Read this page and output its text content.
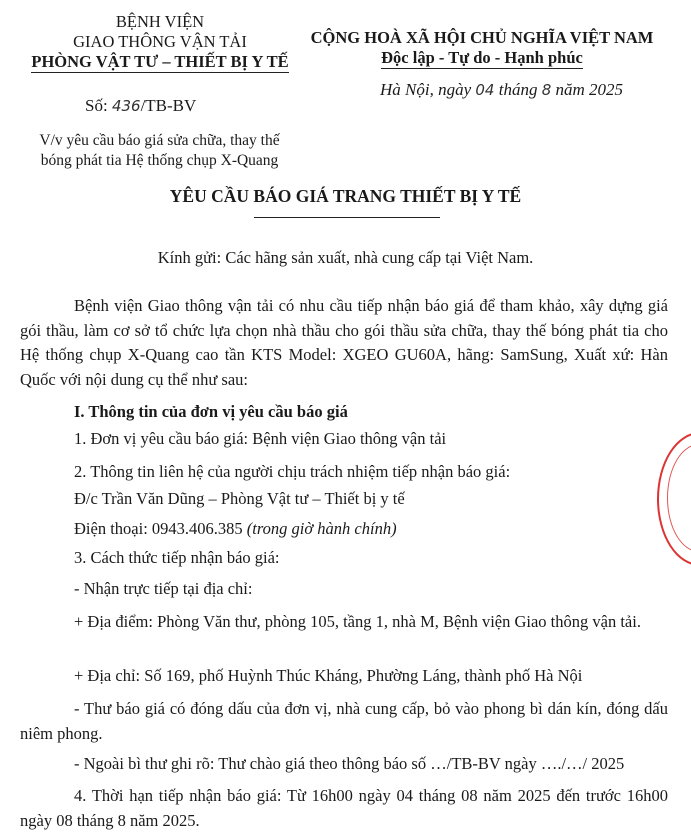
BỆNH VIỆN
GIAO THÔNG VẬN TẢI
PHÒNG VẬT TƯ – THIẾT BỊ Y TẾ
CỘNG HOÀ XÃ HỘI CHỦ NGHĨA VIỆT NAM
Độc lập - Tự do - Hạnh phúc
Hà Nội, ngày 04 tháng 8 năm 2025
Số: 436/TB-BV
V/v yêu cầu báo giá sửa chữa, thay thế
bóng phát tia Hệ thống chụp X-Quang
YÊU CẦU BÁO GIÁ TRANG THIẾT BỊ Y TẾ
Kính gửi: Các hãng sản xuất, nhà cung cấp tại Việt Nam.
Bệnh viện Giao thông vận tải có nhu cầu tiếp nhận báo giá để tham khảo, xây dựng giá gói thầu, làm cơ sở tổ chức lựa chọn nhà thầu cho gói thầu sửa chữa, thay thế bóng phát tia cho Hệ thống chụp X-Quang cao tần KTS Model: XGEO GU60A, hãng: SamSung, Xuất xứ: Hàn Quốc với nội dung cụ thể như sau:
I. Thông tin của đơn vị yêu cầu báo giá
1. Đơn vị yêu cầu báo giá: Bệnh viện Giao thông vận tải
2. Thông tin liên hệ của người chịu trách nhiệm tiếp nhận báo giá:
Đ/c Trần Văn Dũng – Phòng Vật tư – Thiết bị y tế
Điện thoại: 0943.406.385 (trong giờ hành chính)
3. Cách thức tiếp nhận báo giá:
- Nhận trực tiếp tại địa chỉ:
+ Địa điểm: Phòng Văn thư, phòng 105, tầng 1, nhà M, Bệnh viện Giao thông vận tải.
+ Địa chỉ: Số 169, phố Huỳnh Thúc Kháng, Phường Láng, thành phố Hà Nội
- Thư báo giá có đóng dấu của đơn vị, nhà cung cấp, bỏ vào phong bì dán kín, đóng dấu niêm phong.
- Ngoài bì thư ghi rõ: Thư chào giá theo thông báo số …/TB-BV ngày …./…/ 2025
4. Thời hạn tiếp nhận báo giá: Từ 16h00 ngày 04 tháng 08 năm 2025 đến trước 16h00 ngày 08 tháng 8 năm 2025.
